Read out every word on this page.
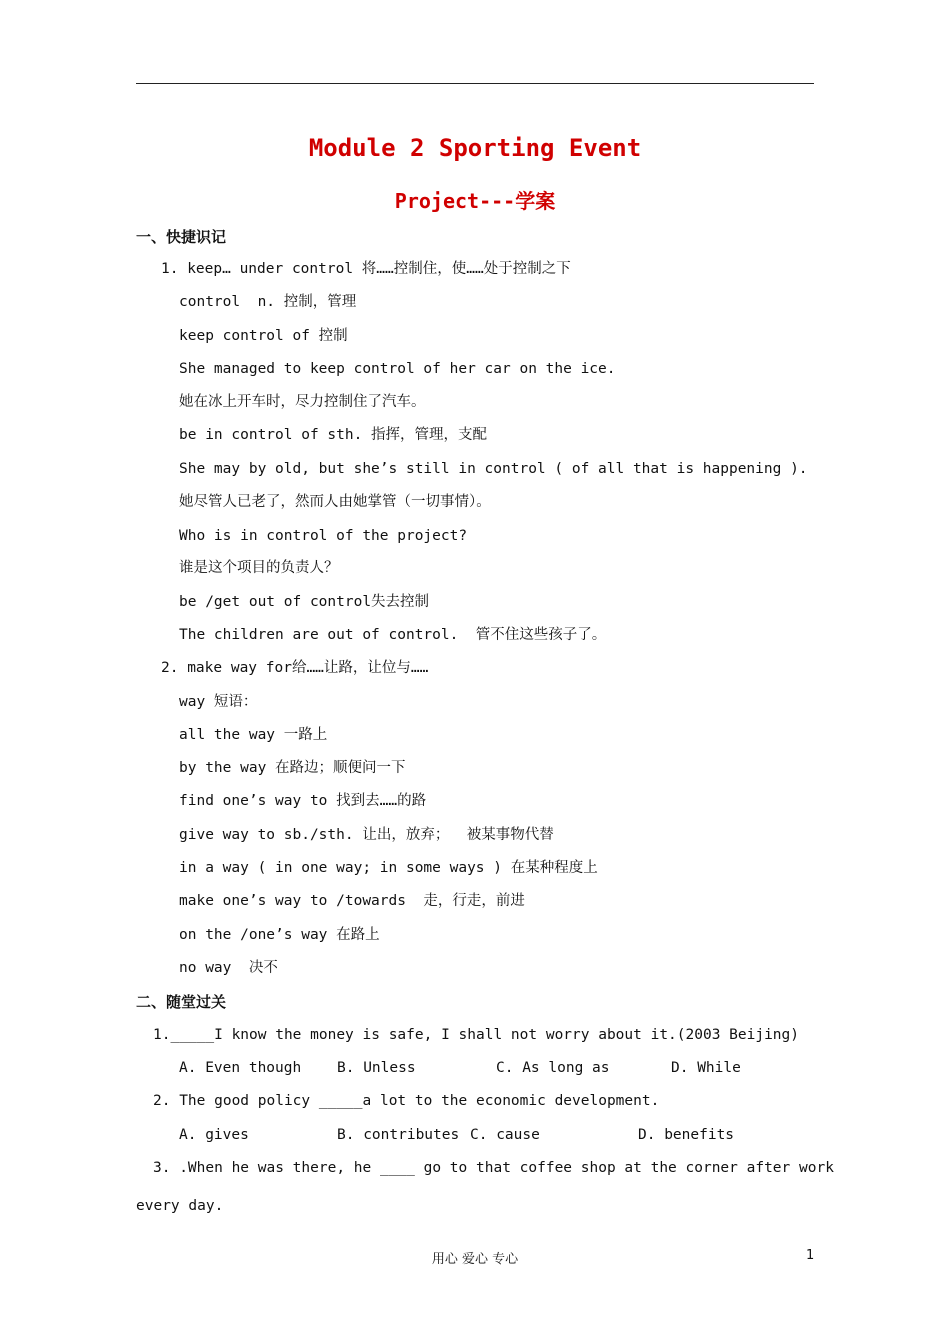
Module 2 Sporting Event
Project---学案
一、快捷识记
1. keep… under control 将……控制住，使……处于控制之下
control  n. 控制，管理
keep control of 控制
She managed to keep control of her car on the ice.
她在冰上开车时，尽力控制住了汽车。
be in control of sth. 指挥，管理，支配
She may by old, but she’s still in control ( of all that is happening ).
她尽管人已老了，然而人由她掌管（一切事情）。
Who is in control of the project?
谁是这个项目的负责人？
be /get out of control失去控制
The children are out of control.  管不住这些孩子了。
2. make way for给……让路，让位与……
way 短语：
all the way 一路上
by the way 在路边；顺便问一下
find one’s way to 找到去……的路
give way to sb./sth. 让出，放弃；  被某事物代替
in a way ( in one way; in some ways ) 在某种程度上
make one’s way to /towards  走，行走，前进
on the /one’s way 在路上
no way  决不
二、随堂过关
1._____I know the money is safe, I shall not worry about it.(2003 Beijing)
A. Even though B. Unless	C. As long as	D. While
2. The good policy _____a lot to the economic development.
A. gives	B. contributes C. cause	D. benefits
3. .When he was there, he ____ go to that coffee shop at the corner after work
every day.
用心 爱心 专心	1
